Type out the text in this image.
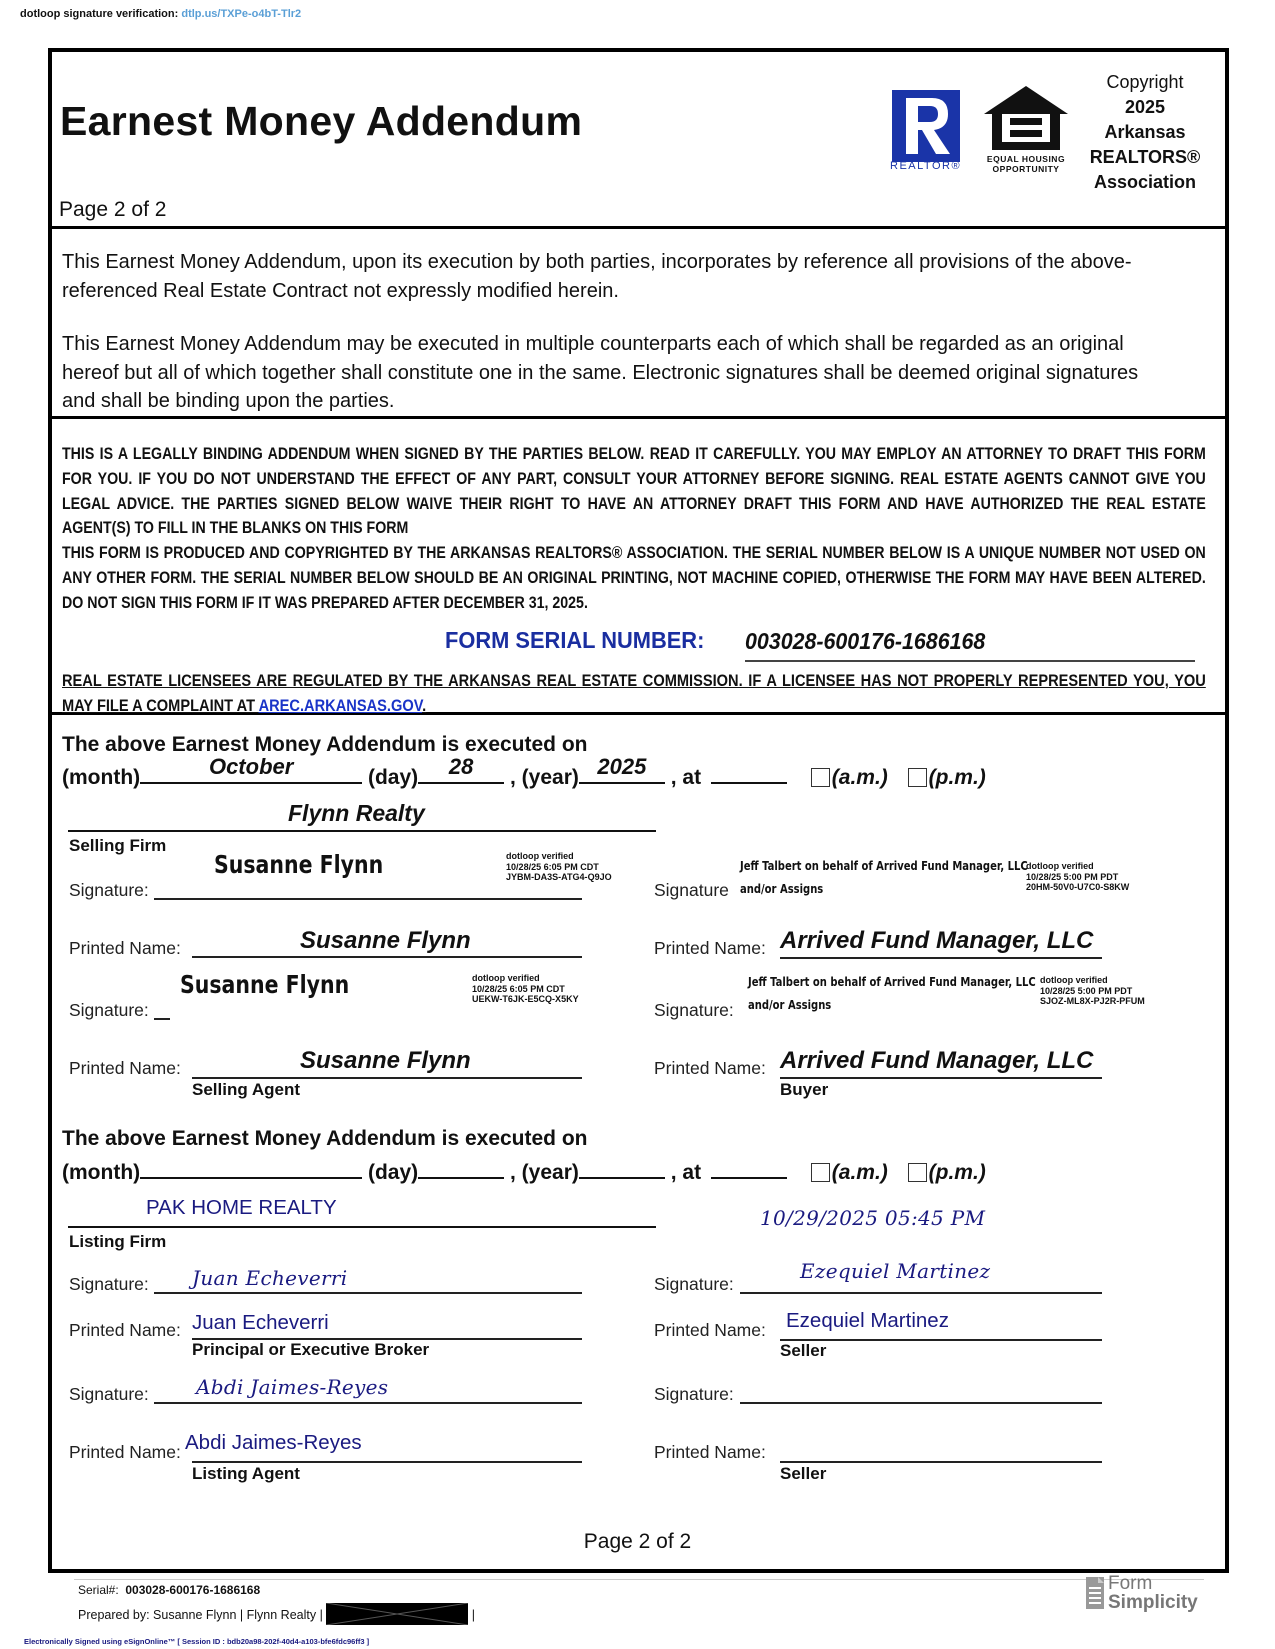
dotloop signature verification: dtlp.us/TXPe-o4bT-Tlr2
Earnest Money Addendum
Page 2 of 2
REALTOR®
EQUAL HOUSING
OPPORTUNITY
Copyright
2025
Arkansas
REALTORS®
Association
This Earnest Money Addendum, upon its execution by both parties, incorporates by reference all provisions of the above-referenced Real Estate Contract not expressly modified herein.
This Earnest Money Addendum may be executed in multiple counterparts each of which shall be regarded as an original hereof but all of which together shall constitute one in the same. Electronic signatures shall be deemed original signatures and shall be binding upon the parties.
THIS IS A LEGALLY BINDING ADDENDUM WHEN SIGNED BY THE PARTIES BELOW. READ IT CAREFULLY. YOU MAY EMPLOY AN ATTORNEY TO DRAFT THIS FORM FOR YOU. IF YOU DO NOT UNDERSTAND THE EFFECT OF ANY PART, CONSULT YOUR ATTORNEY BEFORE SIGNING. REAL ESTATE AGENTS CANNOT GIVE YOU LEGAL ADVICE. THE PARTIES SIGNED BELOW WAIVE THEIR RIGHT TO HAVE AN ATTORNEY DRAFT THIS FORM AND HAVE AUTHORIZED THE REAL ESTATE AGENT(S) TO FILL IN THE BLANKS ON THIS FORM
THIS FORM IS PRODUCED AND COPYRIGHTED BY THE ARKANSAS REALTORS® ASSOCIATION. THE SERIAL NUMBER BELOW IS A UNIQUE NUMBER NOT USED ON ANY OTHER FORM. THE SERIAL NUMBER BELOW SHOULD BE AN ORIGINAL PRINTING, NOT MACHINE COPIED, OTHERWISE THE FORM MAY HAVE BEEN ALTERED. DO NOT SIGN THIS FORM IF IT WAS PREPARED AFTER DECEMBER 31, 2025.
FORM SERIAL NUMBER: 003028-600176-1686168
REAL ESTATE LICENSEES ARE REGULATED BY THE ARKANSAS REAL ESTATE COMMISSION. IF A LICENSEE HAS NOT PROPERLY REPRESENTED YOU, YOU MAY FILE A COMPLAINT AT AREC.ARKANSAS.GOV.
The above Earnest Money Addendum is executed on
(month)	October	(day)	28	, (year) 2025	, at	(a.m.) (p.m.)
Flynn Realty
Selling Firm
Signature:
Susanne Flynn	dotloop verified
10/28/25 6:05 PM CDT
JYBM-DA3S-ATG4-Q9JO
Printed Name:	Susanne Flynn
Signature
Jeff Talbert on behalf of Arrived Fund Manager, LLC
and/or Assigns
dotloop verified
10/28/25 5:00 PM PDT
20HM-50V0-U7C0-S8KW
Printed Name: Arrived Fund Manager, LLC
Signature:
Susanne Flynn	dotloop verified
10/28/25 6:05 PM CDT
UEKW-T6JK-E5CQ-X5KY
Printed Name:	Susanne Flynn
Selling Agent
Signature:
Jeff Talbert on behalf of Arrived Fund Manager, LLC
and/or Assigns
dotloop verified
10/28/25 5:00 PM PDT
SJOZ-ML8X-PJ2R-PFUM
Printed Name: Arrived Fund Manager, LLC
Buyer
The above Earnest Money Addendum is executed on
(month)	(day)	, (year)	, at	(a.m.) (p.m.)
PAK HOME REALTY
Listing Firm
10/29/2025 05:45 PM
Signature: Juan Echeverri
Printed Name: Juan Echeverri
Principal or Executive Broker
Signature:
Ezequiel Martinez
Printed Name: Ezequiel Martinez
Seller
Signature: Abdi Jaimes-Reyes
Printed Name: Abdi Jaimes-Reyes
Listing Agent
Signature:
Printed Name:
Seller
Page 2 of 2
Serial#: 003028-600176-1686168
Prepared by: Susanne Flynn | Flynn Realty |	|
Electronically Signed using eSignOnline™ [ Session ID : bdb20a98-202f-40d4-a103-bfe6fdc96ff3 ]
Form
Simplicity
